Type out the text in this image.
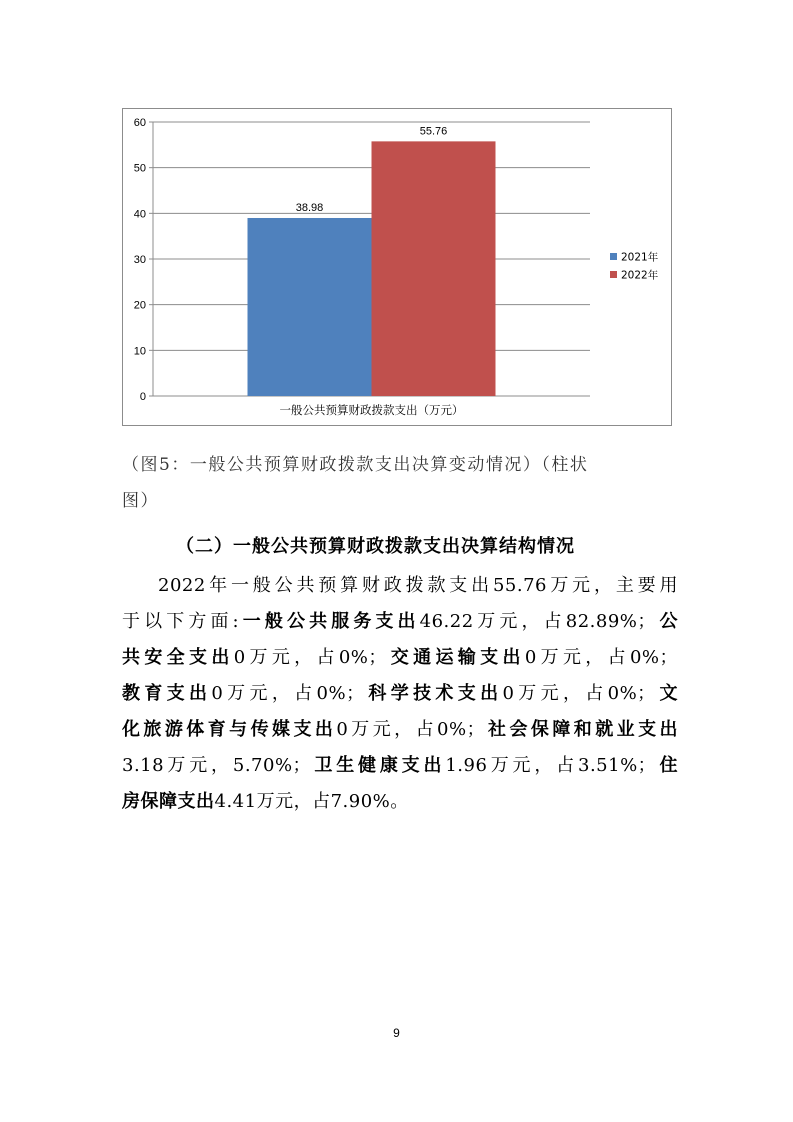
0
10
20
30
40
50
60
38.98
55.76
一般公共预算财政拨款支出（万元）
2021年
2022年
（图5：一般公共预算财政拨款支出决算变动情况）（柱状
图）
（二）一般公共预算财政拨款支出决算结构情况
2022年一般公共预算财政拨款支出55.76万元，主要用
于以下方面:一般公共服务支出46.22万元，占82.89%；公
共安全支出0万元，占0%；交通运输支出0万元，占0%；
教育支出0万元，占0%；科学技术支出0万元，占0%；文
化旅游体育与传媒支出0万元，占0%；社会保障和就业支出
3.18万元，5.70%；卫生健康支出1.96万元，占3.51%；住
房保障支出4.41万元，占7.90%。
9
